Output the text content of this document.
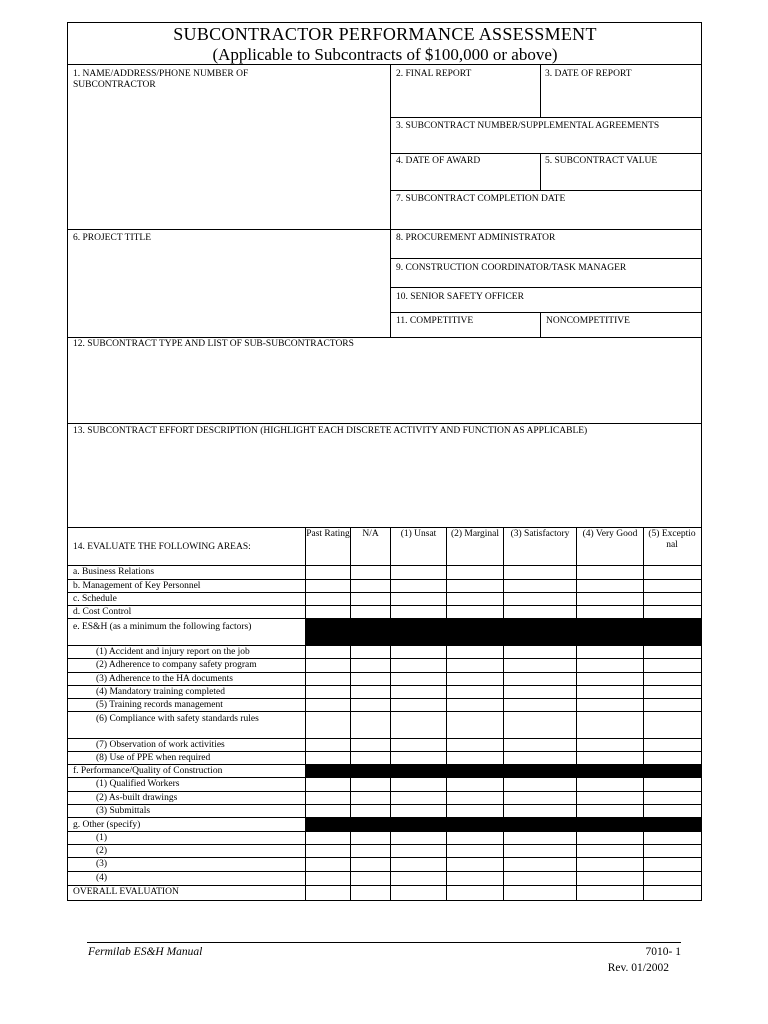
SUBCONTRACTOR PERFORMANCE ASSESSMENT
(Applicable to Subcontracts of $100,000 or above)
1. NAME/ADDRESS/PHONE NUMBER OF SUBCONTRACTOR
2. FINAL REPORT	3. DATE OF REPORT
3. SUBCONTRACT NUMBER/SUPPLEMENTAL AGREEMENTS
4. DATE OF AWARD	5. SUBCONTRACT VALUE
7. SUBCONTRACT COMPLETION DATE
6. PROJECT TITLE	8. PROCUREMENT ADMINISTRATOR
9. CONSTRUCTION COORDINATOR/TASK MANAGER
10. SENIOR SAFETY OFFICER
11. COMPETITIVE	NONCOMPETITIVE
12. SUBCONTRACT TYPE AND LIST OF SUB-SUBCONTRACTORS
13. SUBCONTRACT EFFORT DESCRIPTION (HIGHLIGHT EACH DISCRETE ACTIVITY AND FUNCTION AS APPLICABLE)
14. EVALUATE THE FOLLOWING AREAS:
Past Rating	N/A	(1) Unsat	(2) Marginal	(3) Satisfactory	(4) Very Good	(5) Exceptional
a. Business Relations
b. Management of Key Personnel
c. Schedule
d. Cost Control
e. ES&H (as a minimum the following factors)
(1) Accident and injury report on the job
(2) Adherence to company safety program
(3) Adherence to the HA documents
(4) Mandatory training completed
(5) Training records management
(6) Compliance with safety standards rules
(7) Observation of work activities
(8) Use of PPE when required
f. Performance/Quality of Construction
(1) Qualified Workers
(2) As-built drawings
(3) Submittals
g. Other (specify)
(1)
(2)
(3)
(4)
OVERALL EVALUATION
Fermilab ES&H Manual	7010- 1
Rev. 01/2002
